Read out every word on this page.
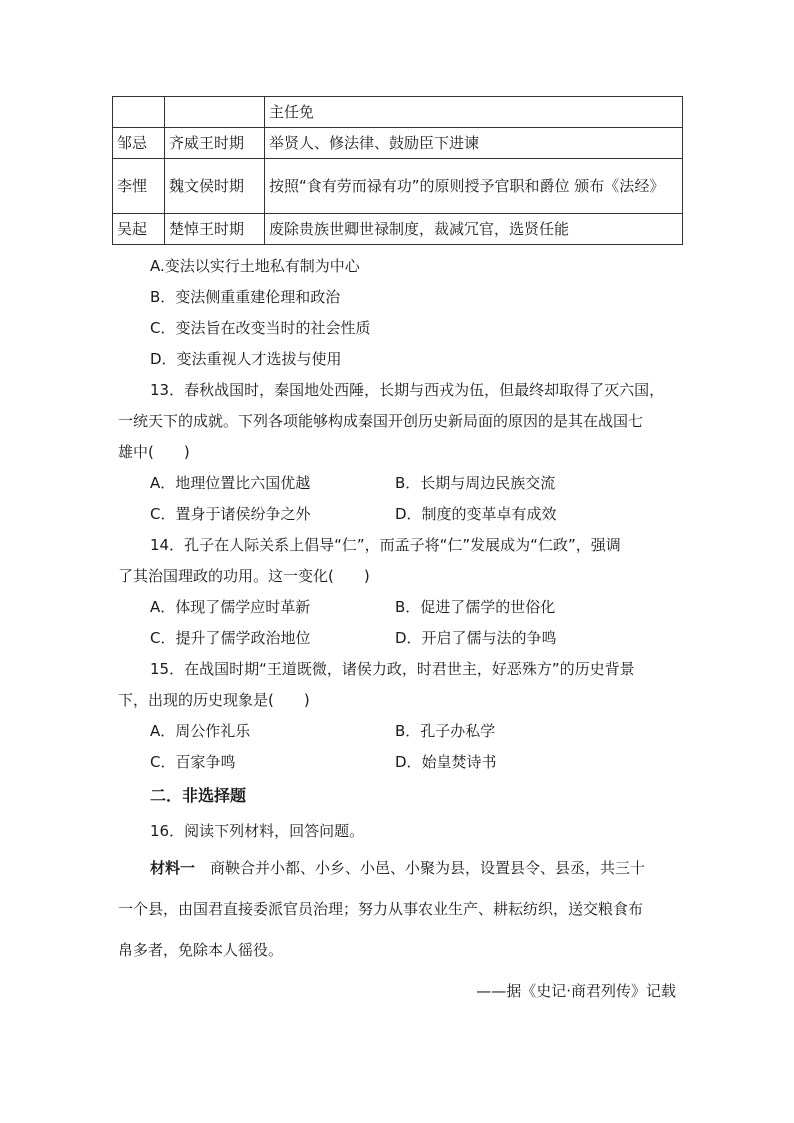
		主任免
邹忌	齐威王时期	举贤人、修法律、鼓励臣下进谏
李悝	魏文侯时期	按照“食有劳而禄有功”的原则授予官职和爵位 颁布《法经》
吴起	楚悼王时期	废除贵族世卿世禄制度，裁减冗官，选贤任能
A.变法以实行土地私有制为中心
B．变法侧重重建伦理和政治
C．变法旨在改变当时的社会性质
D．变法重视人才选拔与使用
13．春秋战国时，秦国地处西陲，长期与西戎为伍，但最终却取得了灭六国，
一统天下的成就。下列各项能够构成秦国开创历史新局面的原因的是其在战国七
雄中(　　)
A．地理位置比六国优越	B．长期与周边民族交流
C．置身于诸侯纷争之外	D．制度的变革卓有成效
14．孔子在人际关系上倡导“仁”，而孟子将“仁”发展成为“仁政”，强调
了其治国理政的功用。这一变化(　　)
A．体现了儒学应时革新	B．促进了儒学的世俗化
C．提升了儒学政治地位	D．开启了儒与法的争鸣
15．在战国时期“王道既微，诸侯力政，时君世主，好恶殊方”的历史背景
下，出现的历史现象是(　　)
A．周公作礼乐	B．孔子办私学
C．百家争鸣	D．始皇焚诗书
二．非选择题
16．阅读下列材料，回答问题。
材料一　商鞅合并小都、小乡、小邑、小聚为县，设置县令、县丞，共三十
一个县，由国君直接委派官员治理；努力从事农业生产、耕耘纺织，送交粮食布
帛多者，免除本人徭役。
——据《史记·商君列传》记载
